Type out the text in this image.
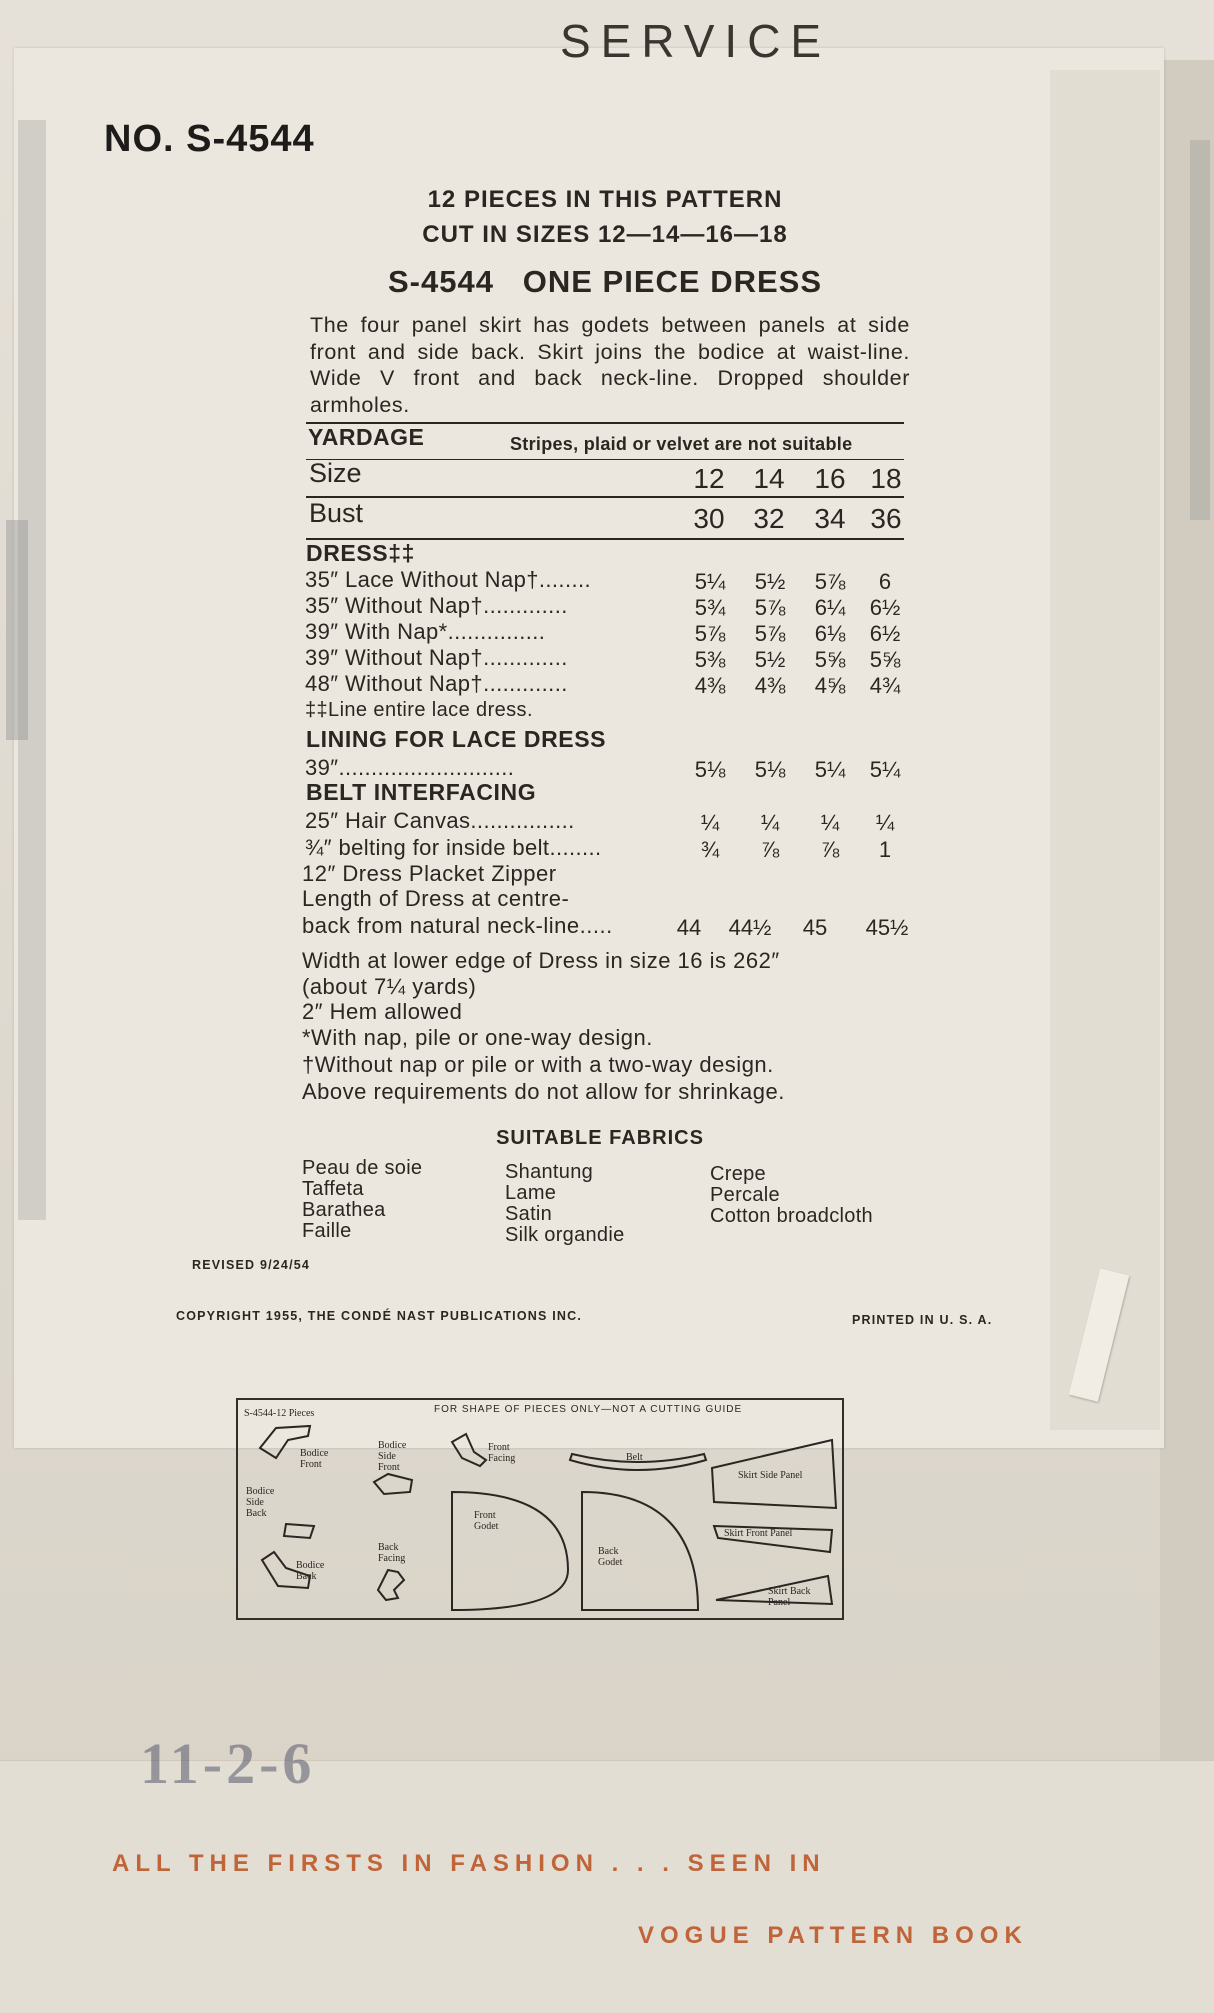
SERVICE
NO. S-4544
12 PIECES IN THIS PATTERN
CUT IN SIZES 12—14—16—18
S-4544   ONE PIECE DRESS
The four panel skirt has godets between panels at side front and side back. Skirt joins the bodice at waist-line. Wide V front and back neck-line. Dropped shoulder armholes.
YARDAGE	Stripes, plaid or velvet are not suitable
Size	12	14	16 18
Bust	30	32	34 36
DRESS‡‡
35″ Lace Without Nap†........	5¼	5½	5⅞	6
35″ Without Nap†.............	5¾	5⅞	6¼	6½
39″ With Nap*...............	5⅞	5⅞	6⅛	6½
39″ Without Nap†.............	5⅜	5½	5⅝	5⅝
48″ Without Nap†.............	4⅜	4⅜	4⅝	4¾
‡‡Line entire lace dress.
LINING FOR LACE DRESS
39″...........................	5⅛	5⅛	5¼	5¼
BELT INTERFACING
25″ Hair Canvas................	¼	¼	¼	¼
¾″ belting for inside belt........	¾	⅞	⅞	1
12″ Dress Placket Zipper
Length of Dress at centre-
back from natural neck-line.....	44	44½	45	45½
Width at lower edge of Dress in size 16 is 262″
(about 7¼ yards)
2″ Hem allowed
*With nap, pile or one-way design.
†Without nap or pile or with a two-way design.
Above requirements do not allow for shrinkage.
SUITABLE FABRICS
Peau de soie
Taffeta
Barathea
Faille
Shantung
Lame
Satin
Silk organdie
Crepe
Percale
Cotton broadcloth
REVISED 9/24/54
COPYRIGHT 1955, THE CONDÉ NAST PUBLICATIONS INC.	PRINTED IN U. S. A.
S-4544-12 Pieces	FOR SHAPE OF PIECES ONLY—NOT A CUTTING GUIDE
Bodice Front
Bodice Side Front
Bodice Side Back
Bodice Back
Back Facing
Front Facing	Belt
Front Godet
Back Godet
Skirt Side Panel
Skirt Front Panel
Skirt Back Panel
11-2-6
ALL THE FIRSTS IN FASHION . . . SEEN IN
VOGUE PATTERN BOOK
